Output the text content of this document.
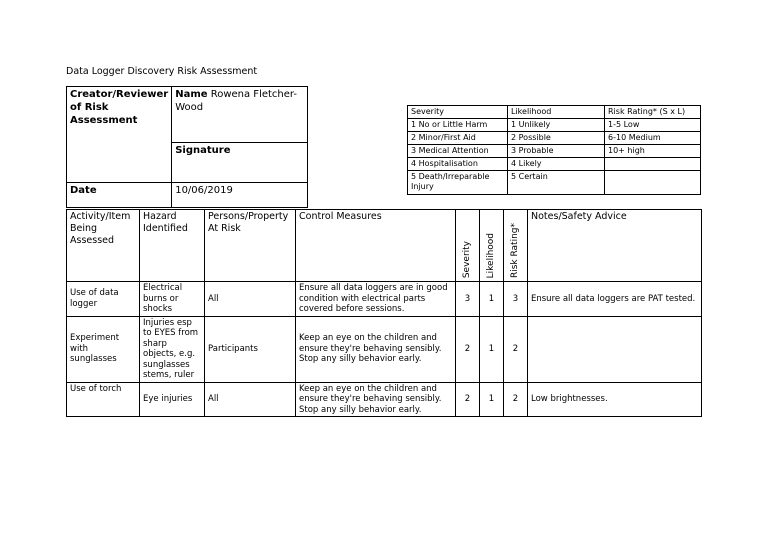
Data Logger Discovery Risk Assessment
Creator/Reviewer of Risk Assessment	Name Rowena Fletcher-Wood
	Signature
Date	10/06/2019
Severity	Likelihood	Risk Rating* (S x L)
1 No or Little Harm	1 Unlikely	1-5 Low
2 Minor/First Aid	2 Possible	6-10 Medium
3 Medical Attention	3 Probable	10+ high
4 Hospitalisation	4 Likely	
5 Death/Irreparable Injury	5 Certain	
Activity/Item Being Assessed	Hazard Identified	Persons/Property At Risk	Control Measures	Severity	Likelihood	Risk Rating*	Notes/Safety Advice
Use of data logger	Electrical burns or shocks	All	Ensure all data loggers are in good condition with electrical parts covered before sessions.	3	1	3	Ensure all data loggers are PAT tested.
Experiment with sunglasses	Injuries esp to EYES from sharp objects, e.g. sunglasses stems, ruler	Participants	Keep an eye on the children and ensure they're behaving sensibly. Stop any silly behavior early.	2	1	2	
Use of torch	Eye injuries	All	Keep an eye on the children and ensure they're behaving sensibly. Stop any silly behavior early.	2	1	2	Low brightnesses.
